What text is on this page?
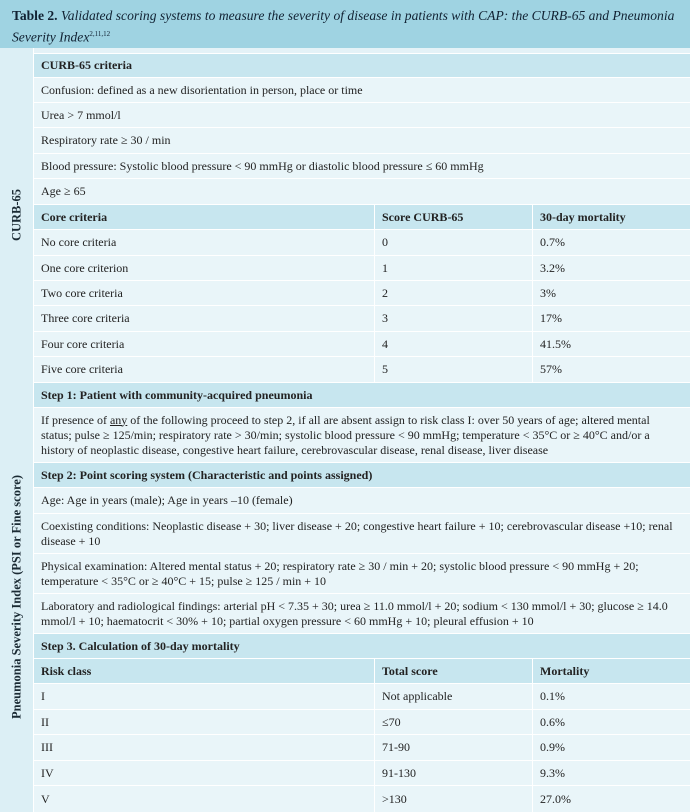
Table 2. Validated scoring systems to measure the severity of disease in patients with CAP: the CURB-65 and Pneumonia Severity Index$^{2,11,12}$
CURB-65
Pneumonia Severity Index (PSI or Fine score)
CURB-65 criteria
Confusion: defined as a new disorientation in person, place or time
Urea > 7 mmol/l
Respiratory rate ≥ 30 / min
Blood pressure: Systolic blood pressure < 90 mmHg or diastolic blood pressure ≤ 60 mmHg
Age ≥ 65
Core criteria	Score CURB-65	30-day mortality
No core criteria	0	0.7%
One core criterion	1	3.2%
Two core criteria	2	3%
Three core criteria	3	17%
Four core criteria	4	41.5%
Five core criteria	5	57%
Step 1: Patient with community-acquired pneumonia
If presence of any of the following proceed to step 2, if all are absent assign to risk class I: over 50 years of age; altered mental status; pulse ≥ 125/min; respiratory rate > 30/min; systolic blood pressure < 90 mmHg; temperature < 35°C or ≥ 40°C and/or a history of neoplastic disease, congestive heart failure, cerebrovascular disease, renal disease, liver disease
Step 2: Point scoring system (Characteristic and points assigned)
Age: Age in years (male); Age in years –10 (female)
Coexisting conditions: Neoplastic disease + 30; liver disease + 20; congestive heart failure + 10; cerebrovascular disease +10; renal disease + 10
Physical examination: Altered mental status + 20; respiratory rate ≥ 30 / min + 20; systolic blood pressure < 90 mmHg + 20; temperature < 35°C or ≥ 40°C + 15; pulse ≥ 125 / min + 10
Laboratory and radiological findings: arterial pH < 7.35 + 30; urea ≥ 11.0 mmol/l + 20; sodium < 130 mmol/l + 30; glucose ≥ 14.0 mmol/l + 10; haematocrit < 30% + 10; partial oxygen pressure < 60 mmHg + 10; pleural effusion + 10
Step 3. Calculation of 30-day mortality
Risk class	Total score	Mortality
I	Not applicable	0.1%
II	≤70	0.6%
III	71-90	0.9%
IV	91-130	9.3%
V	>130	27.0%
